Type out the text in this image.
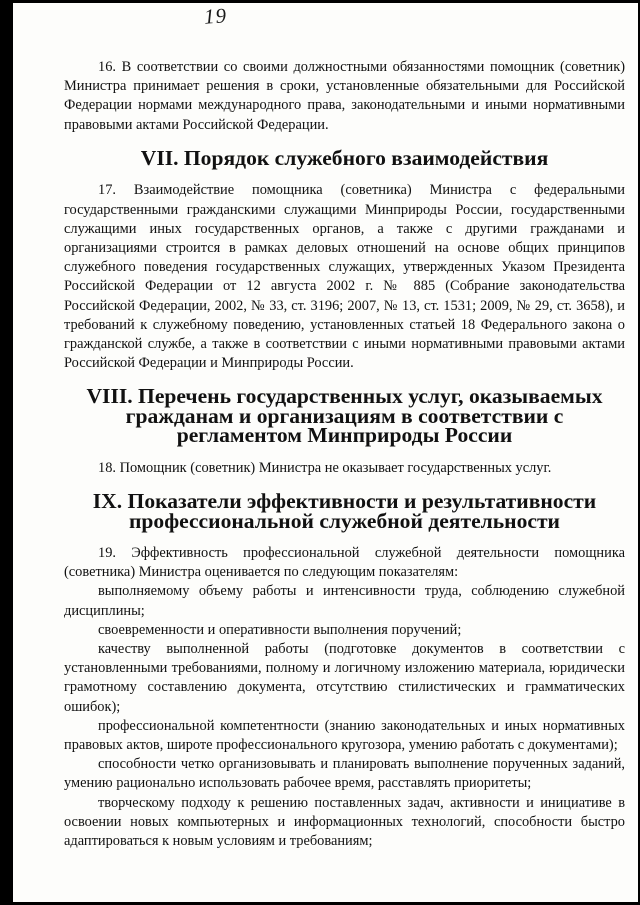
19

16. В соответствии со своими должностными обязанностями помощник (советник) Министра принимает решения в сроки, установленные обязательными для Российской Федерации нормами международного права, законодательными и иными нормативными правовыми актами Российской Федерации.

VII. Порядок служебного взаимодействия

17. Взаимодействие помощника (советника) Министра с федеральными государственными гражданскими служащими Минприроды России, государственными служащими иных государственных органов, а также с другими гражданами и организациями строится в рамках деловых отношений на основе общих принципов служебного поведения государственных служащих, утвержденных Указом Президента Российской Федерации от 12 августа 2002 г. № 885 (Собрание законодательства Российской Федерации, 2002, № 33, ст. 3196; 2007, № 13, ст. 1531; 2009, № 29, ст. 3658), и требований к служебному поведению, установленных статьей 18 Федерального закона о гражданской службе, а также в соответствии с иными нормативными правовыми актами Российской Федерации и Минприроды России.

VIII. Перечень государственных услуг, оказываемых гражданам и организациям в соответствии с регламентом Минприроды России

18. Помощник (советник) Министра не оказывает государственных услуг.

IX. Показатели эффективности и результативности профессиональной служебной деятельности

19. Эффективность профессиональной служебной деятельности помощника (советника) Министра оценивается по следующим показателям:

выполняемому объему работы и интенсивности труда, соблюдению служебной дисциплины;

своевременности и оперативности выполнения поручений;

качеству выполненной работы (подготовке документов в соответствии с установленными требованиями, полному и логичному изложению материала, юридически грамотному составлению документа, отсутствию стилистических и грамматических ошибок);

профессиональной компетентности (знанию законодательных и иных нормативных правовых актов, широте профессионального кругозора, умению работать с документами);

способности четко организовывать и планировать выполнение порученных заданий, умению рационально использовать рабочее время, расставлять приоритеты;

творческому подходу к решению поставленных задач, активности и инициативе в освоении новых компьютерных и информационных технологий, способности быстро адаптироваться к новым условиям и требованиям;
